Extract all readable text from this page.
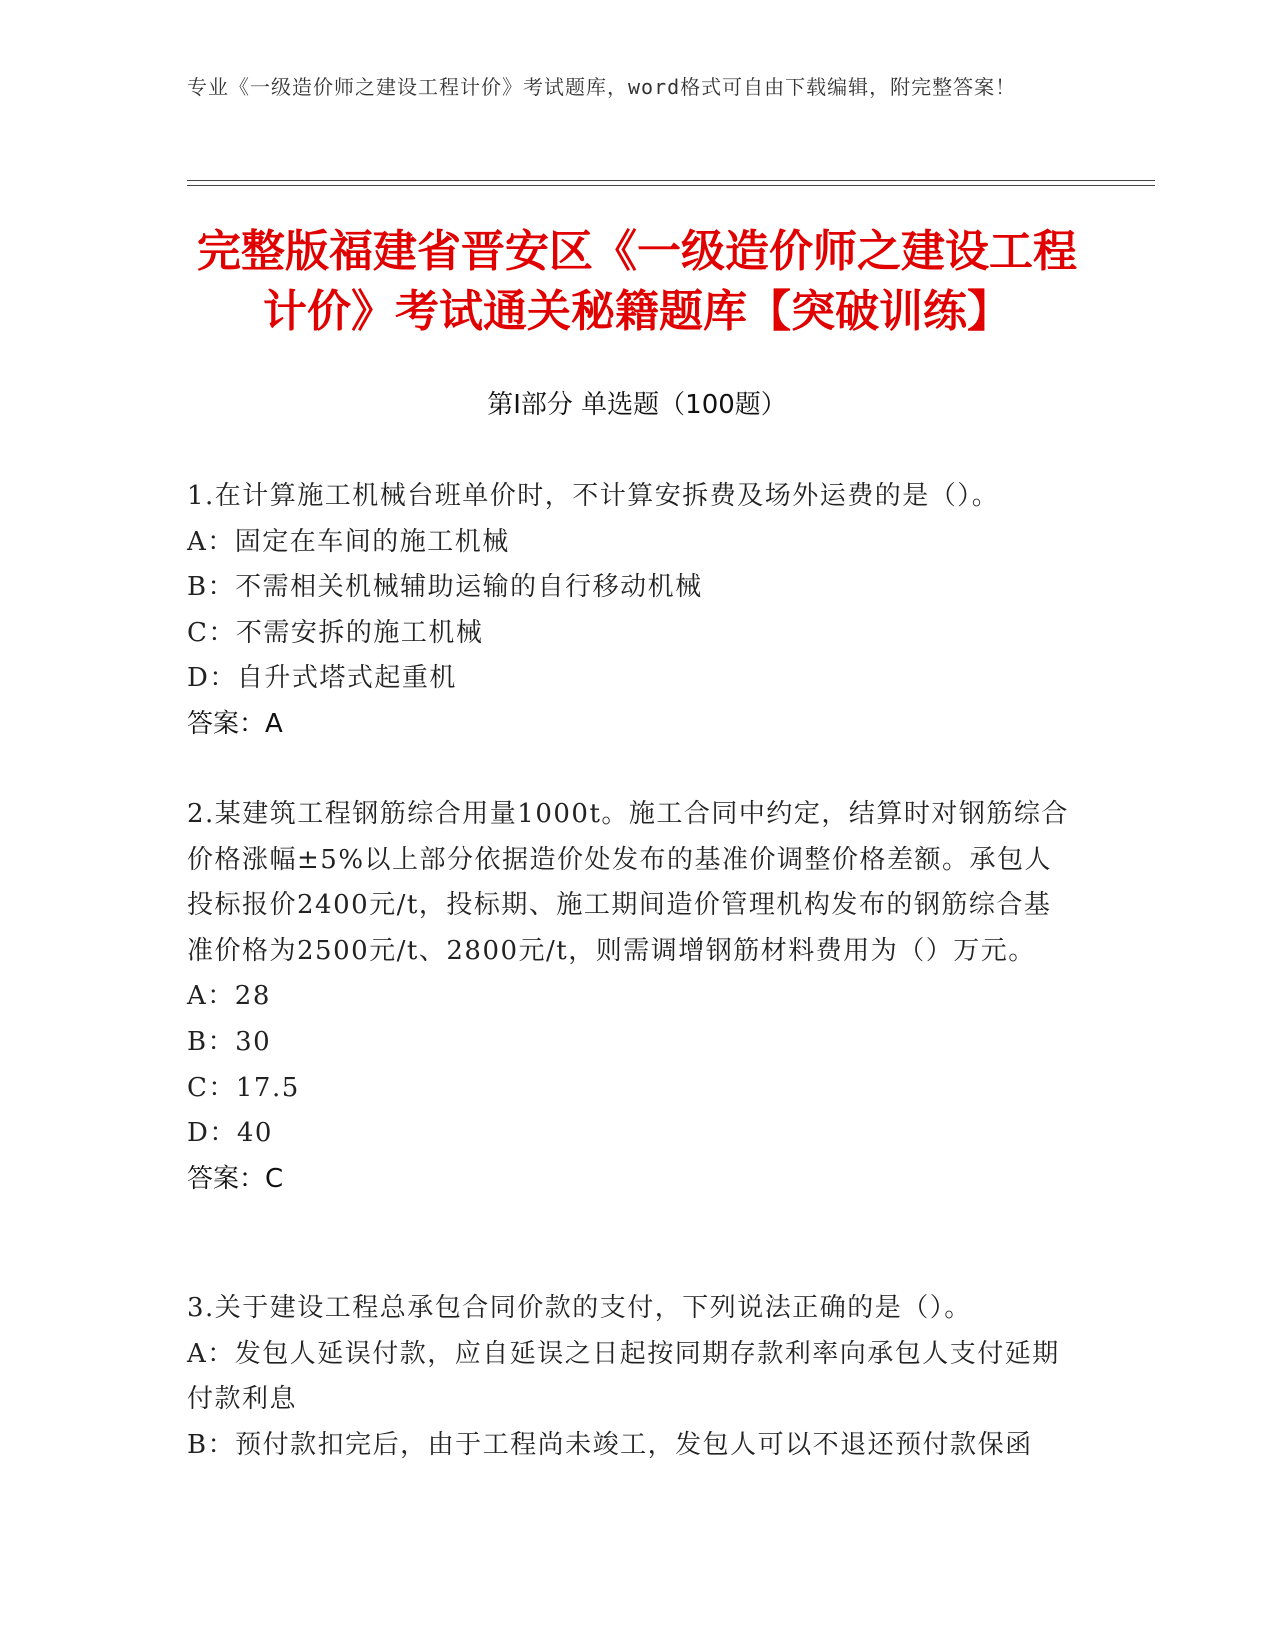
专业《一级造价师之建设工程计价》考试题库，word格式可自由下载编辑，附完整答案！
完整版福建省晋安区《一级造价师之建设工程计价》考试通关秘籍题库【突破训练】
第I部分 单选题（100题）

1.在计算施工机械台班单价时，不计算安拆费及场外运费的是（）。

A：固定在车间的施工机械

B：不需相关机械辅助运输的自行移动机械

C：不需安拆的施工机械

D：自升式塔式起重机

答案：A

2.某建筑工程钢筋综合用量1000t。施工合同中约定，结算时对钢筋综合价格涨幅±5%以上部分依据造价处发布的基准价调整价格差额。承包人投标报价2400元/t，投标期、施工期间造价管理机构发布的钢筋综合基准价格为2500元/t、2800元/t，则需调增钢筋材料费用为（）万元。

A：28

B：30

C：17.5

D：40

答案：C

3.关于建设工程总承包合同价款的支付，下列说法正确的是（）。

A：发包人延误付款，应自延误之日起按同期存款利率向承包人支付延期付款利息

B：预付款扣完后，由于工程尚未竣工，发包人可以不退还预付款保函
